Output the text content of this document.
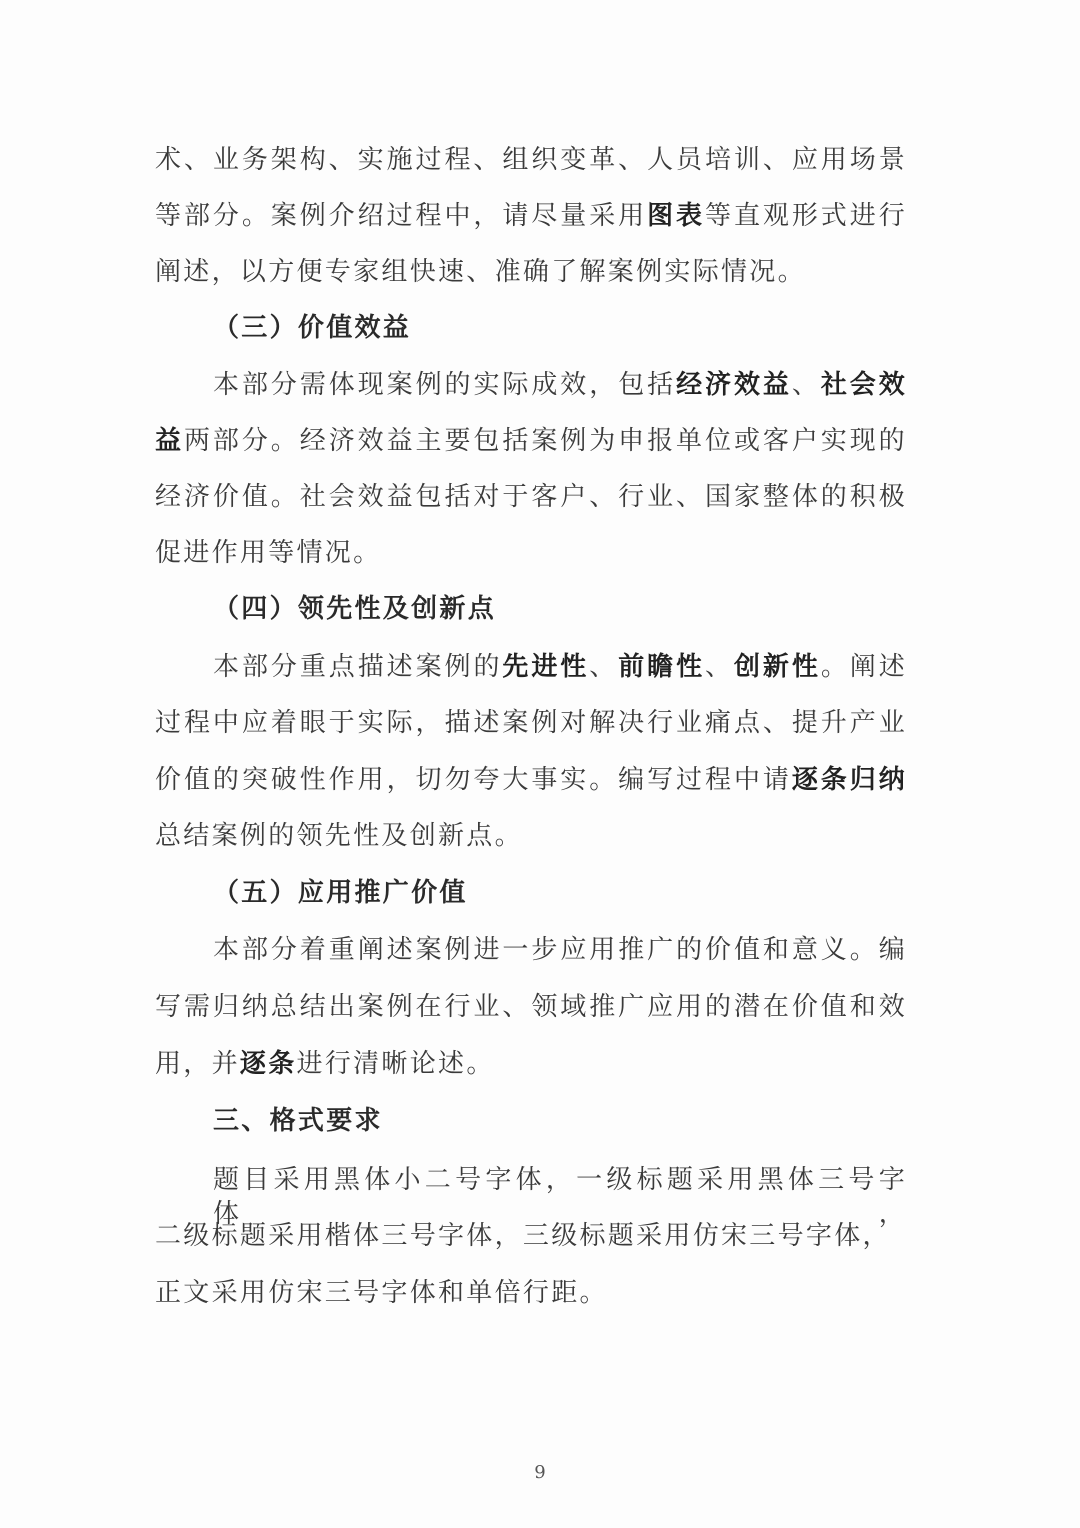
术、业务架构、实施过程、组织变革、人员培训、应用场景
等部分。案例介绍过程中，请尽量采用图表等直观形式进行
阐述，以方便专家组快速、准确了解案例实际情况。
（三）价值效益
本部分需体现案例的实际成效，包括经济效益、社会效
益两部分。经济效益主要包括案例为申报单位或客户实现的
经济价值。社会效益包括对于客户、行业、国家整体的积极
促进作用等情况。
（四）领先性及创新点
本部分重点描述案例的先进性、前瞻性、创新性。阐述
过程中应着眼于实际，描述案例对解决行业痛点、提升产业
价值的突破性作用，切勿夸大事实。编写过程中请逐条归纳
总结案例的领先性及创新点。
（五）应用推广价值
本部分着重阐述案例进一步应用推广的价值和意义。编
写需归纳总结出案例在行业、领域推广应用的潜在价值和效
用，并逐条进行清晰论述。
三、格式要求
题目采用黑体小二号字体，一级标题采用黑体三号字体，
二级标题采用楷体三号字体，三级标题采用仿宋三号字体，
正文采用仿宋三号字体和单倍行距。
9
